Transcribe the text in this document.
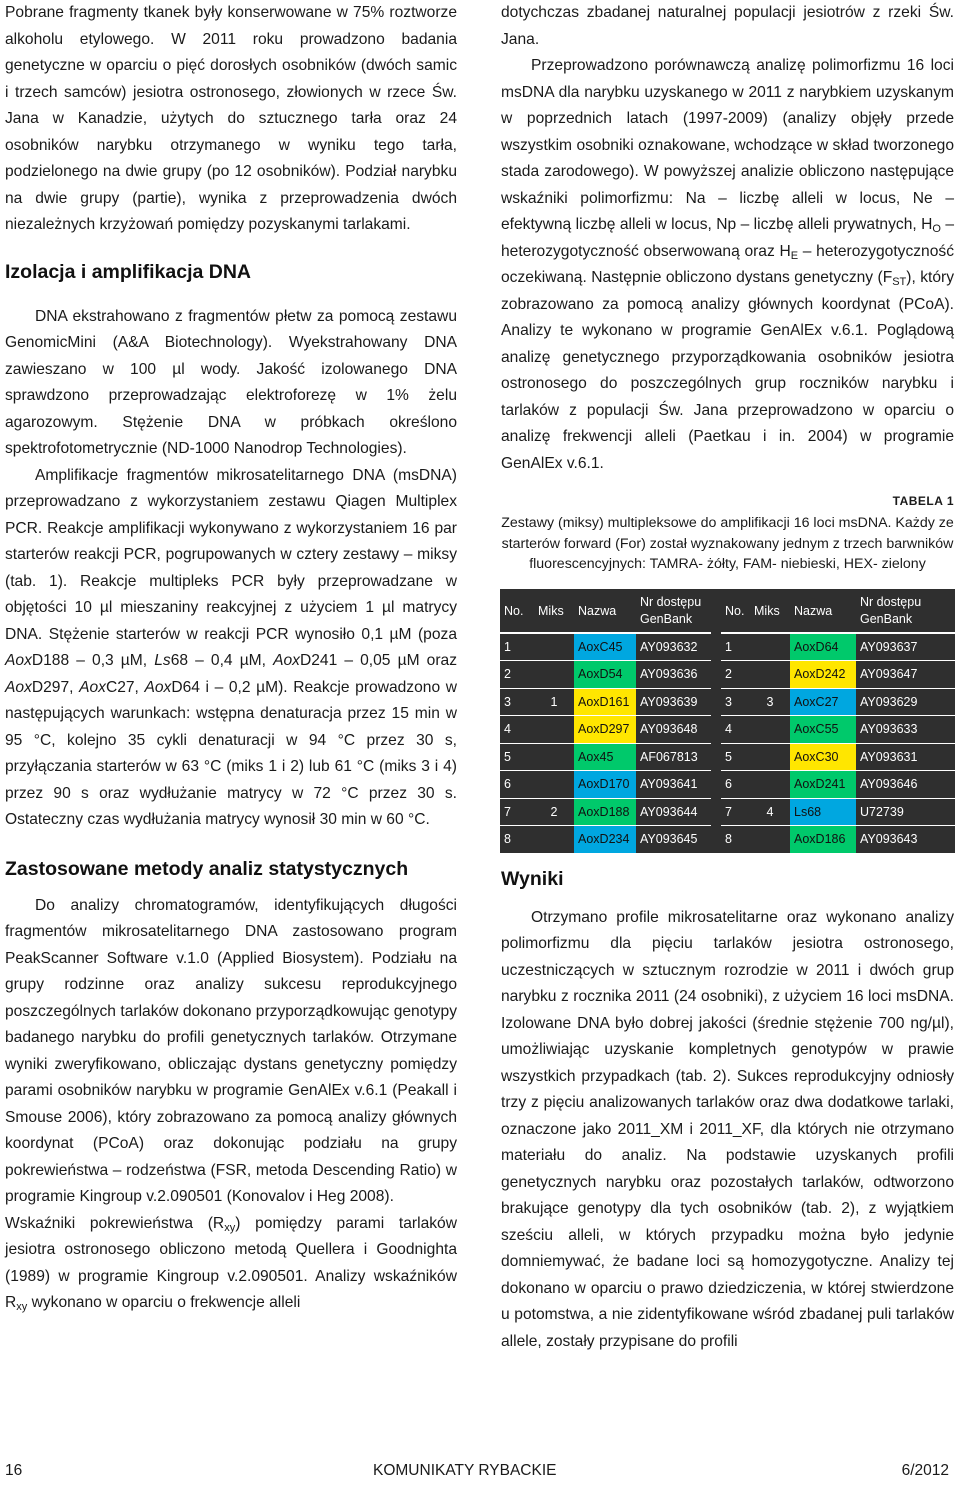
Pobrane fragmenty tkanek były konserwowane w 75% roztworze alkoholu etylowego. W 2011 roku prowadzono badania genetyczne w oparciu o pięć dorosłych osobników (dwóch samic i trzech samców) jesiotra ostronosego, złowionych w rzece Św. Jana w Kanadzie, użytych do sztucznego tarła oraz 24 osobników narybku otrzymanego w wyniku tego tarła, podzielonego na dwie grupy (po 12 osobników). Podział narybku na dwie grupy (partie), wynika z przeprowadzenia dwóch niezależnych krzyżowań pomiędzy pozyskanymi tarlakami.

Izolacja i amplifikacja DNA

DNA ekstrahowano z fragmentów płetw za pomocą zestawu GenomicMini (A&A Biotechnology). Wyekstrahowany DNA zawieszano w 100 µl wody. Jakość izolowanego DNA sprawdzono przeprowadzając elektroforezę w 1% żelu agarozowym. Stężenie DNA w próbkach określono spektrofotometrycznie (ND-1000 Nanodrop Technologies).

Amplifikacje fragmentów mikrosatelitarnego DNA (msDNA) przeprowadzano z wykorzystaniem zestawu Qiagen Multiplex PCR. Reakcje amplifikacji wykonywano z wykorzystaniem 16 par starterów reakcji PCR, pogrupowanych w cztery zestawy – miksy (tab. 1). Reakcje multipleks PCR były przeprowadzane w objętości 10 µl mieszaniny reakcyjnej z użyciem 1 µl matrycy DNA. Stężenie starterów w reakcji PCR wynosiło 0,1 µM (poza AoxD188 – 0,3 µM, Ls68 – 0,4 µM, AoxD241 – 0,05 µM oraz AoxD297, AoxC27, AoxD64 i – 0,2 µM). Reakcje prowadzono w następujących warunkach: wstępna denaturacja przez 15 min w 95 °C, kolejno 35 cykli denaturacji w 94 °C przez 30 s, przyłączania starterów w 63 °C (miks 1 i 2) lub 61 °C (miks 3 i 4) przez 90 s oraz wydłużanie matrycy w 72 °C przez 30 s. Ostateczny czas wydłużania matrycy wynosił 30 min w 60 °C.

Zastosowane metody analiz statystycznych

Do analizy chromatogramów, identyfikujących długości fragmentów mikrosatelitarnego DNA zastosowano program PeakScanner Software v.1.0 (Applied Biosystem). Podziału na grupy rodzinne oraz analizy sukcesu reprodukcyjnego poszczególnych tarlaków dokonano przyporządkowując genotypy badanego narybku do profili genetycznych tarlaków. Otrzymane wyniki zweryfikowano, obliczając dystans genetyczny pomiędzy parami osobników narybku w programie GenAlEx v.6.1 (Peakall i Smouse 2006), który zobrazowano za pomocą analizy głównych koordynat (PCoA) oraz dokonując podziału na grupy pokrewieństwa – rodzeństwa (FSR, metoda Descending Ratio) w programie Kingroup v.2.090501 (Konovalov i Heg 2008).

Wskaźniki pokrewieństwa $(R_{xy})$ pomiędzy parami tarlaków jesiotra ostronosego obliczono metodą Quellera i Goodnighta (1989) w programie Kingroup v.2.090501. Analizy wskaźników $R_{xy}$ wykonano w oparciu o frekwencje alleli

dotychczas zbadanej naturalnej populacji jesiotrów z rzeki Św. Jana.

Przeprowadzono porównawczą analizę polimorfizmu 16 loci msDNA dla narybku uzyskanego w 2011 z narybkiem uzyskanym w poprzednich latach (1997-2009) (analizy objęły przede wszystkim osobniki oznakowane, wchodzące w skład tworzonego stada zarodowego). W powyższej analizie obliczono następujące wskaźniki polimorfizmu: Na – liczbę alleli w locus, Ne – efektywną liczbę alleli w locus, Np – liczbę alleli prywatnych, $H_O$ – heterozygotyczność obserwowaną oraz $H_E$ – heterozygotyczność oczekiwaną. Następnie obliczono dystans genetyczny $(F_{ST})$, który zobrazowano za pomocą analizy głównych koordynat (PCoA). Analizy te wykonano w programie GenAlEx v.6.1. Poglądową analizę genetycznego przyporządkowania osobników jesiotra ostronosego do poszczególnych grup roczników narybku i tarlaków z populacji Św. Jana przeprowadzono w oparciu o analizę frekwencji alleli (Paetkau i in. 2004) w programie GenAlEx v.6.1.

TABELA 1
Zestawy (miksy) multipleksowe do amplifikacji 16 loci msDNA. Każdy ze starterów forward (For) został wyznakowany jednym z trzech barwników fluorescencyjnych: TAMRA- żółty, FAM- niebieski, HEX- zielony
No.	Miks	Nazwa	Nr dostępu GenBank	No.	Miks	Nazwa	Nr dostępu GenBank
1		AoxC45	AY093632	1		AoxD64	AY093637
2		AoxD54	AY093636	2		AoxD242	AY093647
3	1	AoxD161	AY093639	3	3	AoxC27	AY093629
4		AoxD297	AY093648	4		AoxC55	AY093633
5		Aox45	AF067813	5		AoxC30	AY093631
6		AoxD170	AY093641	6		AoxD241	AY093646
7	2	AoxD188	AY093644	7	4	Ls68	U72739
8		AoxD234	AY093645	8		AoxD186	AY093643
Wyniki

Otrzymano profile mikrosatelitarne oraz wykonano analizy polimorfizmu dla pięciu tarlaków jesiotra ostronosego, uczestniczących w sztucznym rozrodzie w 2011 i dwóch grup narybku z rocznika 2011 (24 osobniki), z użyciem 16 loci msDNA. Izolowane DNA było dobrej jakości (średnie stężenie 700 ng/µl), umożliwiając uzyskanie kompletnych genotypów w prawie wszystkich przypadkach (tab. 2). Sukces reprodukcyjny odniosły trzy z pięciu analizowanych tarlaków oraz dwa dodatkowe tarlaki, oznaczone jako 2011_XM i 2011_XF, dla których nie otrzymano materiału do analiz. Na podstawie uzyskanych profili genetycznych narybku oraz pozostałych tarlaków, odtworzono brakujące genotypy dla tych osobników (tab. 2), z wyjątkiem sześciu alleli, w których przypadku można było jedynie domniemywać, że badane loci są homozygotyczne. Analizy tej dokonano w oparciu o prawo dziedziczenia, w której stwierdzone u potomstwa, a nie zidentyfikowane wśród zbadanej puli tarlaków allele, zostały przypisane do profili

16	KOMUNIKATY RYBACKIE	6/2012
